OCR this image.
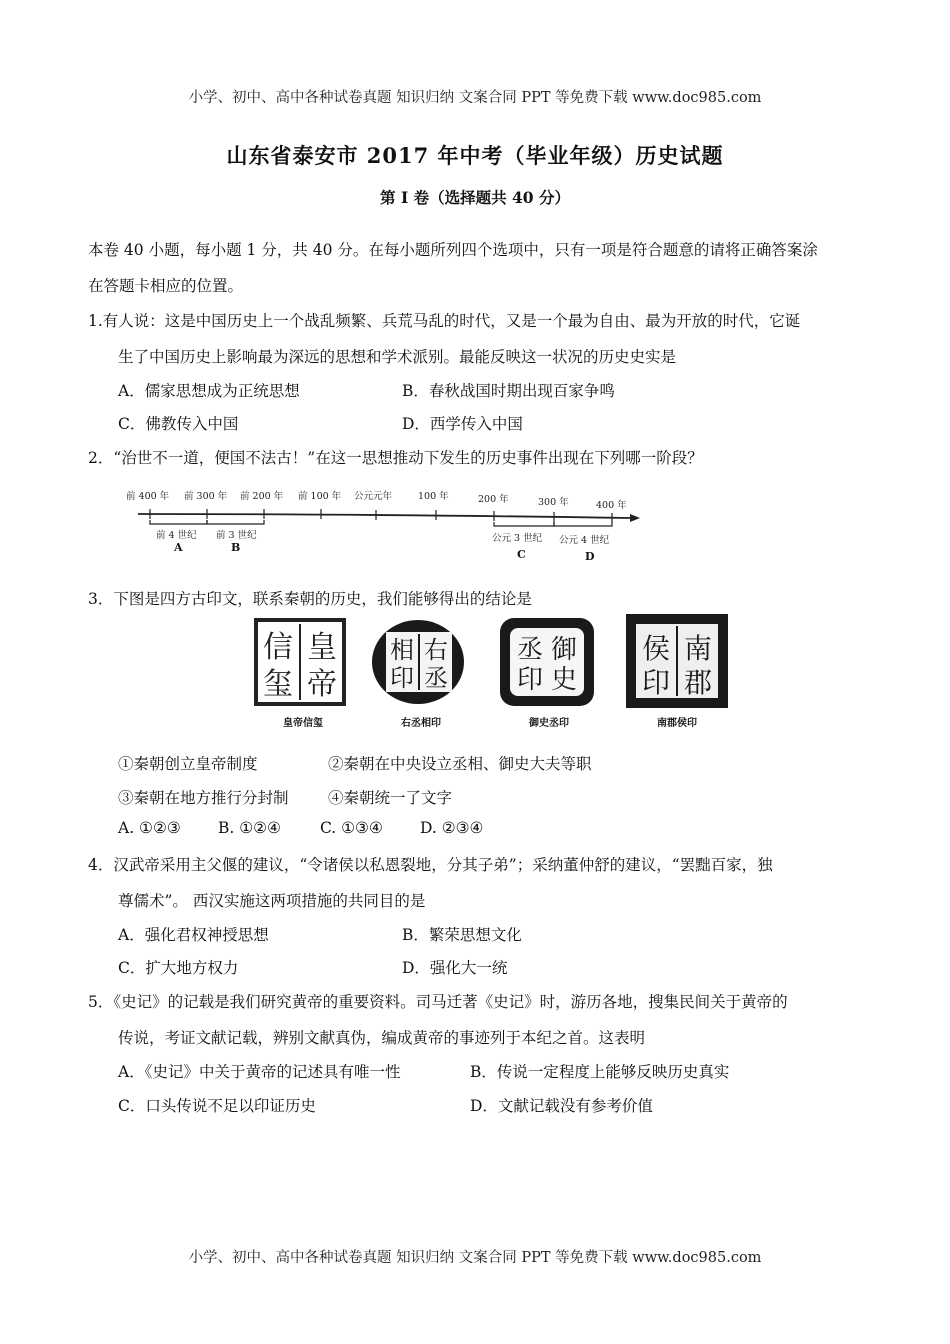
小学、初中、高中各种试卷真题 知识归纳 文案合同 PPT 等免费下载 www.doc985.com
山东省泰安市 2017 年中考（毕业年级）历史试题
第 I 卷（选择题共 40 分）
本卷 40 小题，每小题 1 分，共 40 分。在每小题所列四个选项中，只有一项是符合题意的请将正确答案涂
在答题卡相应的位置。
1.有人说：这是中国历史上一个战乱频繁、兵荒马乱的时代，又是一个最为自由、最为开放的时代，它诞
生了中国历史上影响最为深远的思想和学术派别。最能反映这一状况的历史史实是
A．儒家思想成为正统思想	B．春秋战国时期出现百家争鸣
C．佛教传入中国	D．西学传入中国
2．“治世不一道，便国不法古！”在这一思想推动下发生的历史事件出现在下列哪一阶段？
前 400 年 前 300 年 前 200 年 前 100 年 公元元年	100 年	200 年	300 年	400 年
前 4 世纪 前 3 世纪	公元 3 世纪 公元 4 世纪
A	B
C	D
3．下图是四方古印文，联系秦朝的历史，我们能够得出的结论是
皇
帝
信
玺
皇帝信玺
右
丞
相
印
右丞相印
御
史
丞
印
御史丞印
南
郡
侯
印
南郡侯印
①秦朝创立皇帝制度	②秦朝在中央设立丞相、御史大夫等职
③秦朝在地方推行分封制	④秦朝统一了文字
A. ①②③ B. ①②④	C. ①③④ D. ②③④
4．汉武帝采用主父偃的建议，“令诸侯以私恩裂地，分其子弟”；采纳董仲舒的建议，“罢黜百家，独
尊儒术”。 西汉实施这两项措施的共同目的是
A．强化君权神授思想	B．繁荣思想文化
C．扩大地方权力	D．强化大一统
5．《史记》的记载是我们研究黄帝的重要资料。司马迁著《史记》时，游历各地，搜集民间关于黄帝的
传说，考证文献记载，辨别文献真伪，编成黄帝的事迹列于本纪之首。这表明
A．《史记》中关于黄帝的记述具有唯一性	B．传说一定程度上能够反映历史真实
C．口头传说不足以印证历史	D．文献记载没有参考价值
小学、初中、高中各种试卷真题 知识归纳 文案合同 PPT 等免费下载 www.doc985.com
